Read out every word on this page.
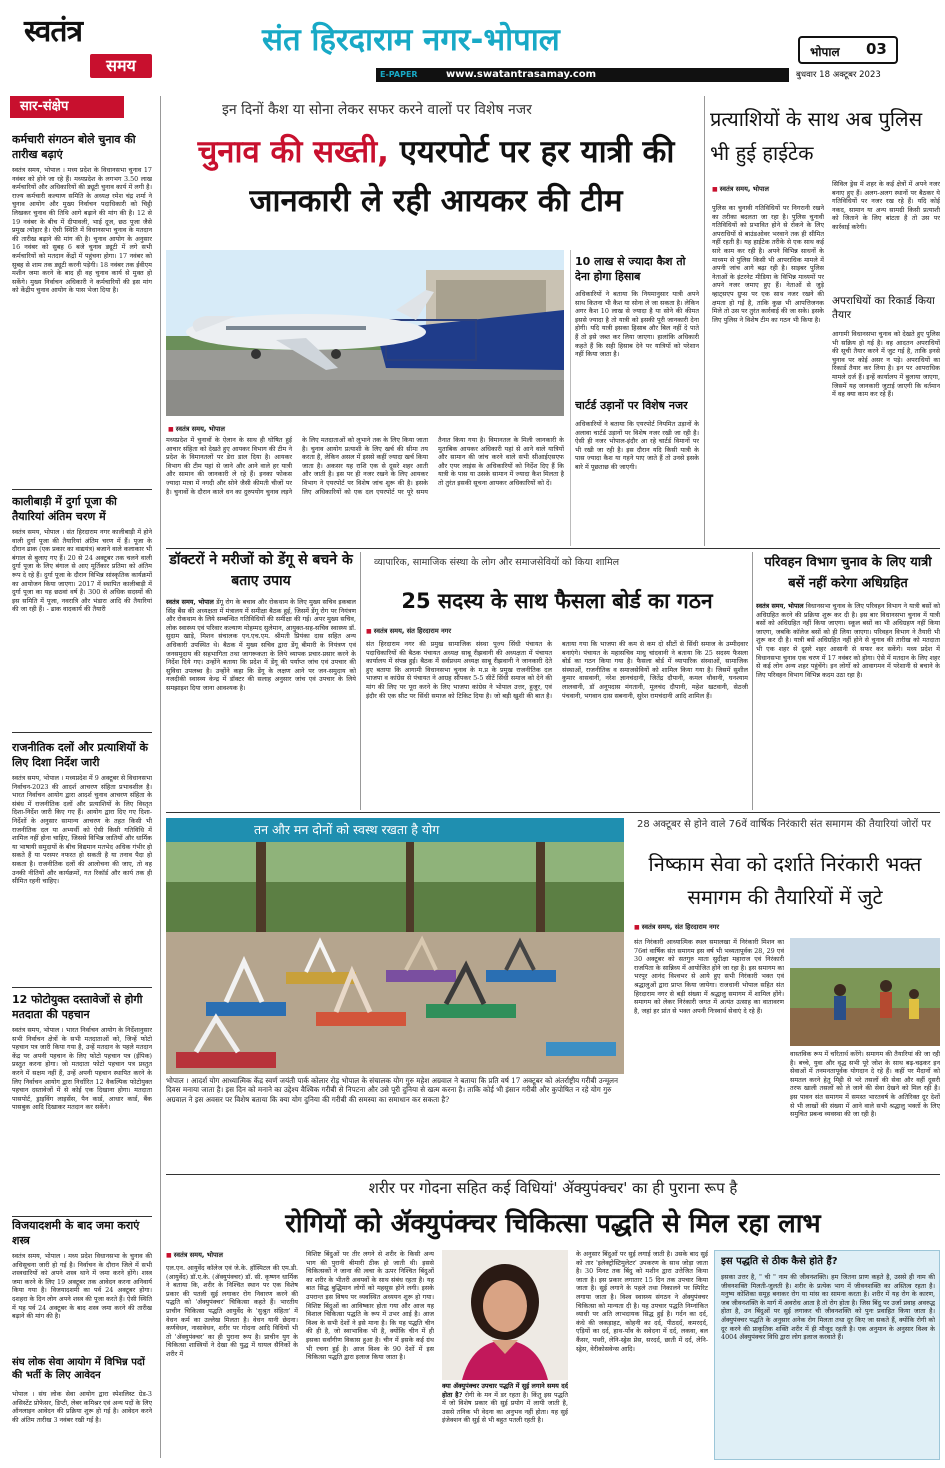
स्वतंत्र
समय
संत हिरदाराम नगर-भोपाल
E-PAPER	www.swatantrasamay.com
भोपाल 03
बुधवार 18 अक्टूबर 2023
सार-संक्षेप
कर्मचारी संगठन बोले चुनाव की तारीख बढ़ाएं
स्वतंत्र समय, भोपाल । मध्य प्रदेश के विधानसभा चुनाव 17 नवंबर को होने जा रहे हैं। मध्यप्रदेश के लगभग 3.50 लाख कर्मचारियों और अधिकारियों की ड्यूटी चुनाव कार्य में लगी है। राज्य कर्मचारी कल्याण समिति के अध्यक्ष रमेश चंद्र शर्मा ने चुनाव आयोग और मुख्य निर्वाचन पदाधिकारी को चिट्ठी लिखकर चुनाव की तिथि आगे बढ़ाने की मांग की है। 12 से 19 नवंबर के बीच में दीपावली, भाई दूज, छठ पूजा जैसे प्रमुख त्योहार है। ऐसी स्थिति में विधानसभा चुनाव के मतदान की तारीख बढ़ाने की मांग की है। चुनाव आयोग के अनुसार 16 नवंबर को सुबह 6 बजे चुनाव ड्यूटी में लगे सभी कर्मचारियों को मतदान केंद्रों में पहुंचना होगा। 17 नवंबर को सुबह से शाम तक ड्यूटी करनी पड़ेगी। 18 नवंबर तक ईवीएम मशीन जमा करने के बाद ही वह चुनाव कार्य से मुक्त हो सकेंगे। मुख्य निर्वाचन अधिकारी ने कर्मचारियों की इस मांग को केंद्रीय चुनाव आयोग के पास भेजा दिया है।
कालीबाड़ी में दुर्गा पूजा की तैयारियां अंतिम चरण में
स्वतंत्र समय, भोपाल । संत हिरदाराम नगर कालीबाड़ी में होने वाली दुर्गा पूजा की तैयारियां अंतिम चरण में हैं। पूजा के दौरान ढाक (एक प्रकार का वाद्ययंत्र) बजाने वाले कलाकार भी बंगाल से बुलाए गए हैं। 20 से 24 अक्टूबर तक चलने वाली दुर्गा पूजा के लिए बंगाल से आए मूर्तिकार प्रतिमा को अंतिम रूप दे रहे हैं। दुर्गा पूजा के दौरान विभिन्न सांस्कृतिक कार्यक्रमों का आयोजन किया जाएगा। 2017 में स्थापित कालीबाड़ी में दुर्गा पूजा का यह छठवां वर्ष है। 300 से अधिक सदस्यों की इस समिति में पूजा, नवरात्रि और भंडारा आदि की तैयारियां की जा रही हैं। - ढाक वादकार्य की तैयारी
राजनीतिक दलों और प्रत्याशियों के लिए दिशा निर्देश जारी
स्वतंत्र समय, भोपाल । मध्यप्रदेश में 9 अक्टूबर से विधानसभा निर्वाचन-2023 की आदर्श आचरण संहिता प्रभावशील है। भारत निर्वाचन आयोग द्वारा आदर्श चुनाव आचरण संहिता के संबंध में राजनीतिक दलों और प्रत्याशियों के लिए विस्तृत दिशा-निर्देश जारी किए गए हैं। आयोग द्वारा दिए गए दिशा-निर्देशों के अनुसार सामान्य आचरण के तहत किसी भी राजनीतिक दल या अभ्यर्थी को ऐसी किसी गतिविधि में शामिल नहीं होना चाहिए, जिससे विभिन्न जातियों और धार्मिक या भाषायी समुदायों के बीच विद्यमान मतभेद अधिक गंभीर हो सकते हैं या परस्पर नफरत हो सकती है या तनाव पैदा हो सकता है। राजनीतिक दलों की आलोचना की जाए, तो वह उनकी नीतियों और कार्यक्रमों, गत रिकॉर्ड और कार्य तक ही सीमित रहनी चाहिए।
12 फोटोयुक्त दस्तावेजों से होगी मतदाता की पहचान
स्वतंत्र समय, भोपाल । भारत निर्वाचन आयोग के निर्देशानुसार सभी निर्वाचन क्षेत्रों के सभी मतदाताओं को, जिन्हें फोटो पहचान पत्र जारी किया गया है, उन्हें मतदान के पहले मतदान केंद्र पर अपनी पहचान के लिए फोटो पहचान पत्र (ईपिक) प्रस्तुत करना होगा। जो मतदाता फोटो पहचान पत्र प्रस्तुत करने में सक्षम नहीं हैं, उन्हें अपनी पहचान स्थापित करने के लिए निर्वाचन आयोग द्वारा निर्धारित 12 वैकल्पिक फोटोयुक्त पहचान दस्तावेजों में से कोई एक दिखाना होगा। मतदाता पासपोर्ट, ड्राइविंग लाइसेंस, पैन कार्ड, आधार कार्ड, बैंक पासबुक आदि दिखाकर मतदान कर सकेंगे।
विजयादशमी के बाद जमा कराएं शस्त्र
स्वतंत्र समय, भोपाल । मध्य प्रदेश विधानसभा के चुनाव की अधिसूचना जारी हो गई है। निर्वाचन के दौरान जिले में सभी शस्त्रधारियों को अपने शस्त्र थाने में जमा करने होंगे। शस्त्र जमा करने के लिए 19 अक्टूबर तक आवेदन करना अनिवार्य किया गया है। विजयादशमी का पर्व 24 अक्टूबर होगा। दशहरा के दिन लोग अपने शस्त्र की पूजा करते हैं। ऐसी स्थिति में यह पर्व 24 अक्टूबर के बाद शस्त्र जमा करने की तारीख बढ़ाने की मांग की है।
संघ लोक सेवा आयोग में विभिन्न पदों की भर्ती के लिए आवेदन
भोपाल । संघ लोक सेवा आयोग द्वारा स्पेशलिस्ट ग्रेड-3 असिस्टेंट प्रोफेसर, डिप्टी, लेबर कमिश्नर एवं अन्य पदों के लिए ऑनलाइन आवेदन की प्रक्रिया शुरू हो गई है। आवेदन करने की अंतिम तारीख 3 नवंबर रखी गई है।
इन दिनों कैश या सोना लेकर सफर करने वालों पर विशेष नजर
चुनाव की सख्ती, एयरपोर्ट पर हर यात्री की जानकारी ले रही आयकर की टीम
■ स्वतंत्र समय, भोपाल
मध्यप्रदेश में चुनावों के ऐलान के साथ ही घोषित हुई आचार संहिता को देखते हुए आयकर विभाग की टीम ने प्रदेश के विमानतलों पर डेरा डाल दिया है। आयकर विभाग की टीम यहां से जाने और आने वाले हर यात्री और सामान की जानकारी ले रहे हैं। इनका फोकस ज्यादा मात्रा में नगदी और सोने जैसी कीमती चीजों पर है। चुनावों के दौरान काले धन का दुरुपयोग चुनाव लड़ने के लिए मतदाताओं को लुभाने तक के लिए किया जाता है। चुनाव आयोग प्रत्याशी के लिए खर्च की सीमा तय करता है, लेकिन असल में इससे कहीं ज्यादा खर्च किया जाता है। अकसर यह राशि एक से दूसरे शहर आती और जाती है। इस पर ही नजर रखने के लिए आयकर विभाग ने एयरपोर्ट पर विशेष जांच शुरू की है। इसके लिए अधिकारियों को एक दल एयरपोर्ट पर पूरे समय तैनात किया गया है। विमानतल के मिली जानकारी के मुताबिक आयकर अधिकारी यहां से आने वाले यात्रियों और सामान की जांच करने वाले सभी सीआईएसएफ और एयर लाइंस के अधिकारियों को निर्देश दिए हैं कि यात्री के पास या उसके सामान में ज्यादा कैश मिलता है तो तुरंत इसकी सूचना आयकर अधिकारियों को दें।
10 लाख से ज्यादा कैश तो देना होगा हिसाब
अधिकारियों ने बताया कि नियमानुसार यात्री अपने साथ कितना भी कैश या सोना ले जा सकता है। लेकिन अगर कैश 10 लाख से ज्यादा है या सोने की कीमत इससे ज्यादा है तो यात्री को इसकी पूरी जानकारी देना होगी। यदि यात्री इसका हिसाब और बिल नहीं दे पाते हैं तो इसे जब्त कर लिया जाएगा। हालांकि अधिकारी कहते हैं कि सही हिसाब देने पर यात्रियों को परेशान नहीं किया जाता है।
चार्टर्ड उड़ानों पर विशेष नजर
अधिकारियों ने बताया कि एयरपोर्ट नियमित उड़ानों के अलावा चार्टर्ड उड़ानों पर विशेष नजर रखी जा रही है। ऐसी ही नजर भोपाल-इंदौर आ रहे चार्टर्ड विमानों पर भी रखी जा रही है। इस दौरान यदि किसी यात्री के पास ज्यादा कैश या गहने पाए जाते हैं तो उनसे इसके बारे में पूछताछ की जाएगी।
प्रत्याशियों के साथ अब पुलिस भी हुई हाईटेक
■ स्वतंत्र समय, भोपाल
पुलिस का चुनावी गतिविधियों पर निगरानी रखने का तरीका बदलता जा रहा है। पुलिस चुनावी गतिविधियों को प्रभावित होने से रोकने के लिए अपराधियों से बाउंडओवर भरवाने तक ही सीमित नहीं रहती है। यह हाईटेक तरीके से एक साथ कई सारे काम कर रही है। अपने विभिन्न साधनों के माध्यम से पुलिस किसी भी आपराधिक मामले में अपनी जांच आगे बढ़ा रही है। साइबर पुलिस नेताओं के इंटरनेट मीडिया के विभिन्न माध्यमों पर अपने नजर जमाए हुए हैं। नेताओं से जुड़े व्हाट्सएप ग्रुप्स पर एक साथ नजर रखने की क्षमता हो गई है, ताकि कुछ भी आपत्तिजनक मिले तो उस पर तुरंत कार्रवाई की जा सके। इसके लिए पुलिस ने विशेष टीम का गठन भी किया है।
सिविल ड्रेस में शहर के कई क्षेत्रों में अपने नजर बनाए हुए हैं। अलग-अलग स्थानों पर बैठकर ये गतिविधियों पर नजर रख रहे हैं। यदि कोई नकद, सामान या अन्य सामग्री किसी प्रत्याशी को जिताने के लिए बांटता है तो उस पर कार्रवाई करेगी।
अपराधियों का रिकार्ड किया तैयार
आगामी विधानसभा चुनाव को देखते हुए पुलिस भी सक्रिय हो गई है। वह आदतन अपराधियों की सूची तैयार करने में जुट गई है, ताकि इनसे चुनाव पर कोई असर न पड़े। अपराधियों का रिकार्ड तैयार कर लिया है। इन पर आपराधिक मामले दर्ज हैं। इन्हें कार्यालय में बुलाया जाएगा, जिसमें यह जानकारी जुटाई जाएगी कि वर्तमान में वह क्या काम कर रहे हैं।
डॉक्टरों ने मरीजों को डेंगू से बचने के बताए उपाय
स्वतंत्र समय, भोपाल डेंगू रोग के बचाव और रोकथाम के लिए मुख्य सचिव इकबाल सिंह बैंस की अध्यक्षता में मंत्रालय में समीक्षा बैठक हुई, जिसमें डेंगू रोग पर नियंत्रण और रोकथाम के लिये सम्बन्धित गतिविधियों की समीक्षा की गई। अपर मुख्य सचिव, लोक स्वास्थ्य एवं परिवार कल्याण मोहम्मद सुलेमान, आयुक्त-सह-सचिव स्वास्थ्य डॉ. सुदाम खाड़े, मिशन संचालक एन.एच.एम. श्रीमती प्रियंका दास सहित अन्य अधिकारी उपस्थित थे। बैठक में मुख्य सचिव द्वारा डेंगू बीमारी के नियंत्रण एवं जनसमुदाय की सहभागिता तथा जागरूकता के लिये व्यापक प्रचार-प्रसार करने के निर्देश दिये गए। उन्होंने बताया कि प्रदेश में डेंगू की पर्याप्त जांच एवं उपचार की सुविधा उपलब्ध है। उन्होंने कहा कि डेंगू के लक्षण आने पर जन-समुदाय को नजदीकी स्वास्थ्य केन्द्र में डॉक्टर की सलाह अनुसार जांच एवं उपचार के लिये समझाइश दिया जाना आवश्यक है।
व्यापारिक, सामाजिक संस्था के लोग और समाजसेवियों को किया शामिल
25 सदस्य के साथ फैसला बोर्ड का गठन
■ स्वतंत्र समय, संत हिरदाराम नगर
संत हिरदाराम नगर की प्रमुख सामाजिक संस्था पूज्य सिंधी पंचायत के पदाधिकारियों की बैठक पंचायत अध्यक्ष साबू रीझवानी की अध्यक्षता में पंचायत कार्यालय में संपन्न हुई। बैठक में सर्वप्रथम अध्यक्ष साबू रीझवानी ने जानकारी देते हुए बताया कि आगामी विधानसभा चुनाव के म.प्र के प्रमुख राजनीतिक दल भाजपा व कांग्रेस से पंचायत ने आग्रह सौंपकर 5-5 सीटें सिंधी समाज को देने की मांग की लिए पर पूरा करने के लिए भाजपा कांग्रेस ने भोपाल उत्तर, हुजूर, एवं इंदौर की एक सीट पर सिंधी समाज को टिकिट दिया है। जो बड़ी खुशी की बात है। बताया गया कि भाजपा की कम से कम दो सीटों से सिंधी समाज के उम्मीदवार बनाएंगे। पंचायत के महासचिव माधु चांदवानी ने बताया कि 25 सदस्य फैसला बोर्ड का गठन किया गया है। फैसला बोर्ड में व्यापारिक संस्थाओं, सामाजिक संस्थाओं, राजनीतिक व समाजसेवियों को शामिल किया गया है। जिसमें सुशील कुमार वासवानी, नरेश ज्ञानचंदानी, जितेंद्र दौपानी, कमल थौवानी, घनश्याम लालवानी, डॉ अनूपदास मंगतानी, मूलचंद दौपानी, महेश खटवानी, सेठजी पंचवानी, भगवान दास सबनानी, सुरेश रामचंदानी आदि शामिल हैं।
परिवहन विभाग चुनाव के लिए यात्री बसें नहीं करेगा अधिग्रहित
स्वतंत्र समय, भोपाल विधानसभा चुनाव के लिए परिवहन विभाग ने यात्री बसों को अधिग्रहित करने की प्रक्रिया शुरू कर दी है। इस बार विधानसभा चुनाव में यात्री बसों को अधिग्रहित नहीं किया जाएगा। स्कूल बसों का भी अधिग्रहण नहीं किया जाएगा, जबकि कॉलेज बसों को ही लिया जाएगा। परिवहन विभाग ने तैयारी भी शुरू कर दी है। यात्री बसें अधिग्रहित नहीं होने से चुनाव की तारीख को मतदाता भी एक शहर से दूसरे शहर आसानी से सफर कर सकेंगे। मध्य प्रदेश में विधानसभा चुनाव एक चरण में 17 नवंबर को होगा। ऐसे में मतदान के लिए शहर से कई लोग अन्य शहर पहुंचेंगे। इन लोगों को आवागमन में परेशानी से बचाने के लिए परिवहन विभाग विभिन्न कदम उठा रहा है।
तन और मन दोनों को स्वस्थ रखता है योग
भोपाल । आदर्श योग आध्यात्मिक केंद्र स्वर्ण जयंती पार्क कोलार रोड़ भोपाल के संचालक योग गुरु महेश अग्रवाल ने बताया कि प्रति वर्ष 17 अक्टूबर को अंतर्राष्ट्रीय गरीबी उन्मूलन दिवस मनाया जाता है। इस दिन को मनाने का उद्देश्य वैश्विक गरीबी से निपटना और उसे पूरी दुनिया से खत्म करना है। ताकि कोई भी इंसान गरीबी और कुपोषित न रहे योग गुरु अग्रवाल ने इस अवसर पर विशेष बताया कि क्या योग दुनिया की गरीबी की समस्या का समाधान कर सकता है?
28 अक्टूबर से होने वाले 76वें वार्षिक निरंकारी संत समागम की तैयारियां जोरों पर
निष्काम सेवा को दर्शाते निरंकारी भक्त समागम की तैयारियों में जुटे
■ स्वतंत्र समय, संत हिरदाराम नगर
संत निरंकारी आध्यात्मिक स्थल समालखा में निरंकारी मिशन का 76वां वार्षिक संत समागम इस वर्ष भी भव्यतापूर्वक 28, 29 एवं 30 अक्टूबर को सतगुरु माता सुदीक्षा महाराज एवं निरंकारी राजपिता के सान्निध्य में आयोजित होने जा रहा है। इस समागम का भरपूर आनंद विश्वभर से आये हुए सभी निरंकारी भक्त एवं श्रद्धालुओं द्वारा प्राप्त किया जायेगा। राजधानी भोपाल सहित संत हिरदाराम नगर से बड़ी संख्या में श्रद्धालु समागम में शामिल होंगे। समागम को लेकर निरंकारी जगत में अत्यंत उत्साह का वातावरण है, जहां हर प्रांत से भक्त अपनी निःस्वार्थ सेवाएं दे रहे हैं।
वास्तविक रूप में चरितार्थ करेंगे। समागम की तैयारियां की जा रही है। बच्चे, युवा और वृद्ध सभी पूरे जोश के साथ बढ़-चढ़कर इन सेवाओं में तनमनतापूर्वक योगदान दे रहे हैं। कहीं पर मैदानों को समतल करने हेतु मिट्टी से भरे तसलों की सेवा और वहीं दूसरी तरफ खाली तसलों को ले जाने की सेवा देखने को मिल रही है। इस पावन संत समागम में समस्त भारतवर्ष के अतिरिक्त दूर देशों से भी लाखों की संख्या में आने वाले सभी श्रद्धालु भक्तों के लिए समुचित प्रबन्ध व्यवस्था की जा रही है।
शरीर पर गोदना सहित कई विधियां' ॲक्युपंक्चर' का ही पुराना रूप है
रोगियों को ॲक्युपंक्चर चिकित्सा पद्धति से मिल रहा लाभ
■ स्वतंत्र समय, भोपाल
एल.एन. आयुर्वेद कॉलेज एवं जे.के. हॉस्पिटल की एम.डी. (आयुर्वेद) डॉ.ए.के. (ॲक्युपंक्चर) डॉ. सी. कृष्णन धार्मिक ने बताया कि, शरीर के निश्चित स्थान पर एक विशेष प्रकार की पतली सुई लगाकर रोग निवारण करने की पद्धति को 'ॲक्युपंक्चर' चिकित्सा कहते हैं। भारतीय प्राचीन चिकित्सा पद्धति आयुर्वेद के 'सुश्रुत संहिता' में वेधन कर्म का उल्लेख मिलता है। वेधन यानी छेदना। कर्णवेधन, नासावेधन, शरीर पर गोदना आदि विधियों भी तो 'ॲक्युपंक्चर' का ही पुराना रूप है। प्राचीन युग के चिकित्सा शास्त्रियों ने देखा की युद्ध में घायल सैनिकों के शरीर में
विशिष्ट बिंदुओं पर तीर लगने से शरीर के किसी अन्य भाग की पुरानी बीमारी ठीक हो जाती थी। इससे चिकित्सकों ने जाना की त्वचा के ऊपर निश्चित बिंदुओं का शरीर के भीतरी अवयवों के साथ संबंध रहता है। यह बात सिद्ध बुद्धिमान लोगों को महसूस होने लगी। इसके उपरान्त इस विषय पर व्यवस्थित अध्ययन शुरू हो गया। विशिष्ट बिंदुओं का आविष्कार होता गया और आज यह विशाल चिकित्सा पद्धति के रूप में उभर आई है। आज विश्व के सभी देशों ने इसे माना है। कि यह पद्धति चीन की ही है, जो स्वाभाविक भी है, क्योंकि चीन में ही इसका सर्वांगीण विकास हुआ है। चीन में इसके कई ग्रंथ भी रचना हुई है। आज विश्व के 90 देशों में इस चिकित्सा पद्धति द्वारा इलाज किया जाता है।
क्या ॲक्युपंक्चर उपचार पद्धति में सुई लगाने समय दर्द होता है? रोगी के मन में डर रहता है। किंतु इस पद्धति में जो विशेष प्रकार की सुई प्रयोग में लायी जाती है, उससे तनिक भी वेदना का अनुभव नहीं होता। यह सुई इंजेक्शन की सुई से भी बहुत पतली रहती है।
के अनुसार बिंदुओं पर सुई लगाई जाती है। उसके बाद सुई को तार 'इलेक्ट्रोस्टिमुलेटर' उपकरण के साथ जोड़ा जाता है। 30 मिनट तक बिंदु को मशीन द्वारा उत्तेजित किया जाता है। इस प्रकार लगातार 15 दिन तक उपचार किया जाता है। सुई लगाने के पहले तथा निकालने पर स्पिरिट लगाया जाता है। विश्व स्वास्थ्य संगठन ने ॲक्युपंक्चर चिकित्सा को मान्यता दी है। यह उपचार पद्धति निम्नांकित व्याधी पर अति लाभदायक सिद्ध हुई है। गर्दन का दर्द, कंधे की जकड़ाहट, कोहनी का दर्द, पीठदर्द, कमरदर्द, एड़ियों का दर्द, हाथ-पाँव के सवेदना में दर्द, लकवा, बल कैंसर, पथरी, लेनि-स्ड्रेस प्रेस, सरदर्द, छाती में दर्द, लेनि-स्ड्रेस, वेरीकोसवेन्स आदि।
इस पद्धति से ठीक कैसे होते हैं?
इसका उत्तर है, " ची " नाम की जीवनशक्ति। हम जितना प्राण कहते है, उससे ही नाम की जीवनशक्ति मिलती-जुलती है। शरीर के प्रत्येक भाग में जीवनशक्ति का अस्तित्व रहता है। मनुष्य कोशिका समूह बनाकर रोग या मांस का सामना करता है। शरीर में यह रोग के कारण, जब जीवनशक्ति के मार्ग में अवरोध आता है तो रोग होता है। जिस बिंदु पर उर्जा प्रवाह अवरुद्ध होता है, उन बिंदुओं पर सुई लगाकर ची जीवनशक्ति को पुनः प्रवाहित किया जाता है। ॲक्युपंक्चर पद्धति के अनुसार अनेक रोग मिलता तथा दूर किए जा सकते हैं, क्योंकि रोगी को दूर करने की प्राकृतिक शक्ति शरीर में ही मौजूद रहती है। एक अनुमान के अनुसार विश्व के 4004 ॲक्युपंक्चर विधि द्वारा लोग इलाज करवाते हैं।
